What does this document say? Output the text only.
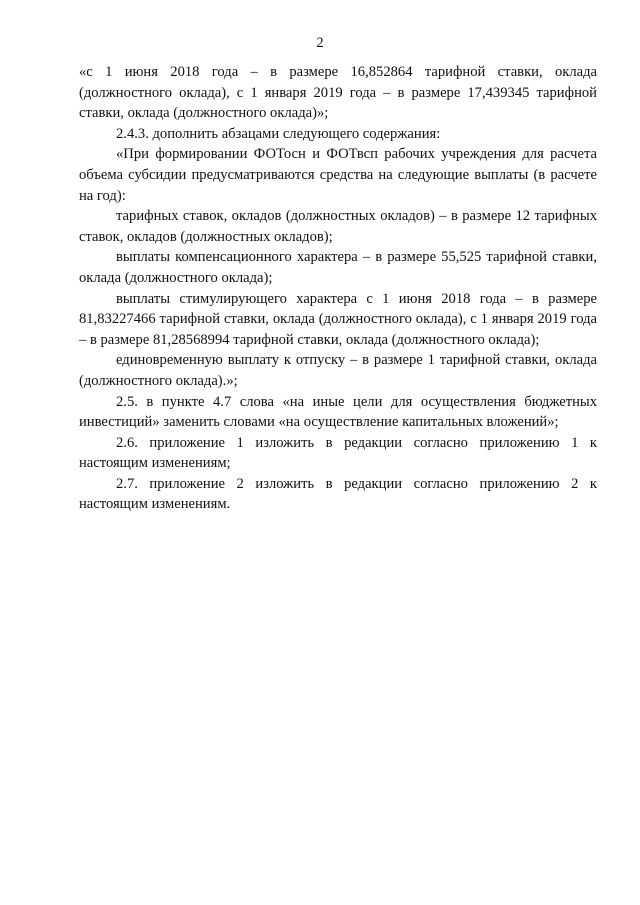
2

«с 1 июня 2018 года – в размере 16,852864 тарифной ставки, оклада (должностного оклада), с 1 января 2019 года – в размере 17,439345 тарифной ставки, оклада (должностного оклада)»;

2.4.3. дополнить абзацами следующего содержания:

«При формировании ФОТосн и ФОТвсп рабочих учреждения для расчета объема субсидии предусматриваются средства на следующие выплаты (в расчете на год):

тарифных ставок, окладов (должностных окладов) – в размере 12 тарифных ставок, окладов (должностных окладов);

выплаты компенсационного характера – в размере 55,525 тарифной ставки, оклада (должностного оклада);

выплаты стимулирующего характера с 1 июня 2018 года – в размере 81,83227466 тарифной ставки, оклада (должностного оклада), с 1 января 2019 года – в размере 81,28568994 тарифной ставки, оклада (должностного оклада);

единовременную выплату к отпуску – в размере 1 тарифной ставки, оклада (должностного оклада).»;

2.5. в пункте 4.7 слова «на иные цели для осуществления бюджетных инвестиций» заменить словами «на осуществление капитальных вложений»;

2.6. приложение 1 изложить в редакции согласно приложению 1 к настоящим изменениям;

2.7. приложение 2 изложить в редакции согласно приложению 2 к настоящим изменениям.
